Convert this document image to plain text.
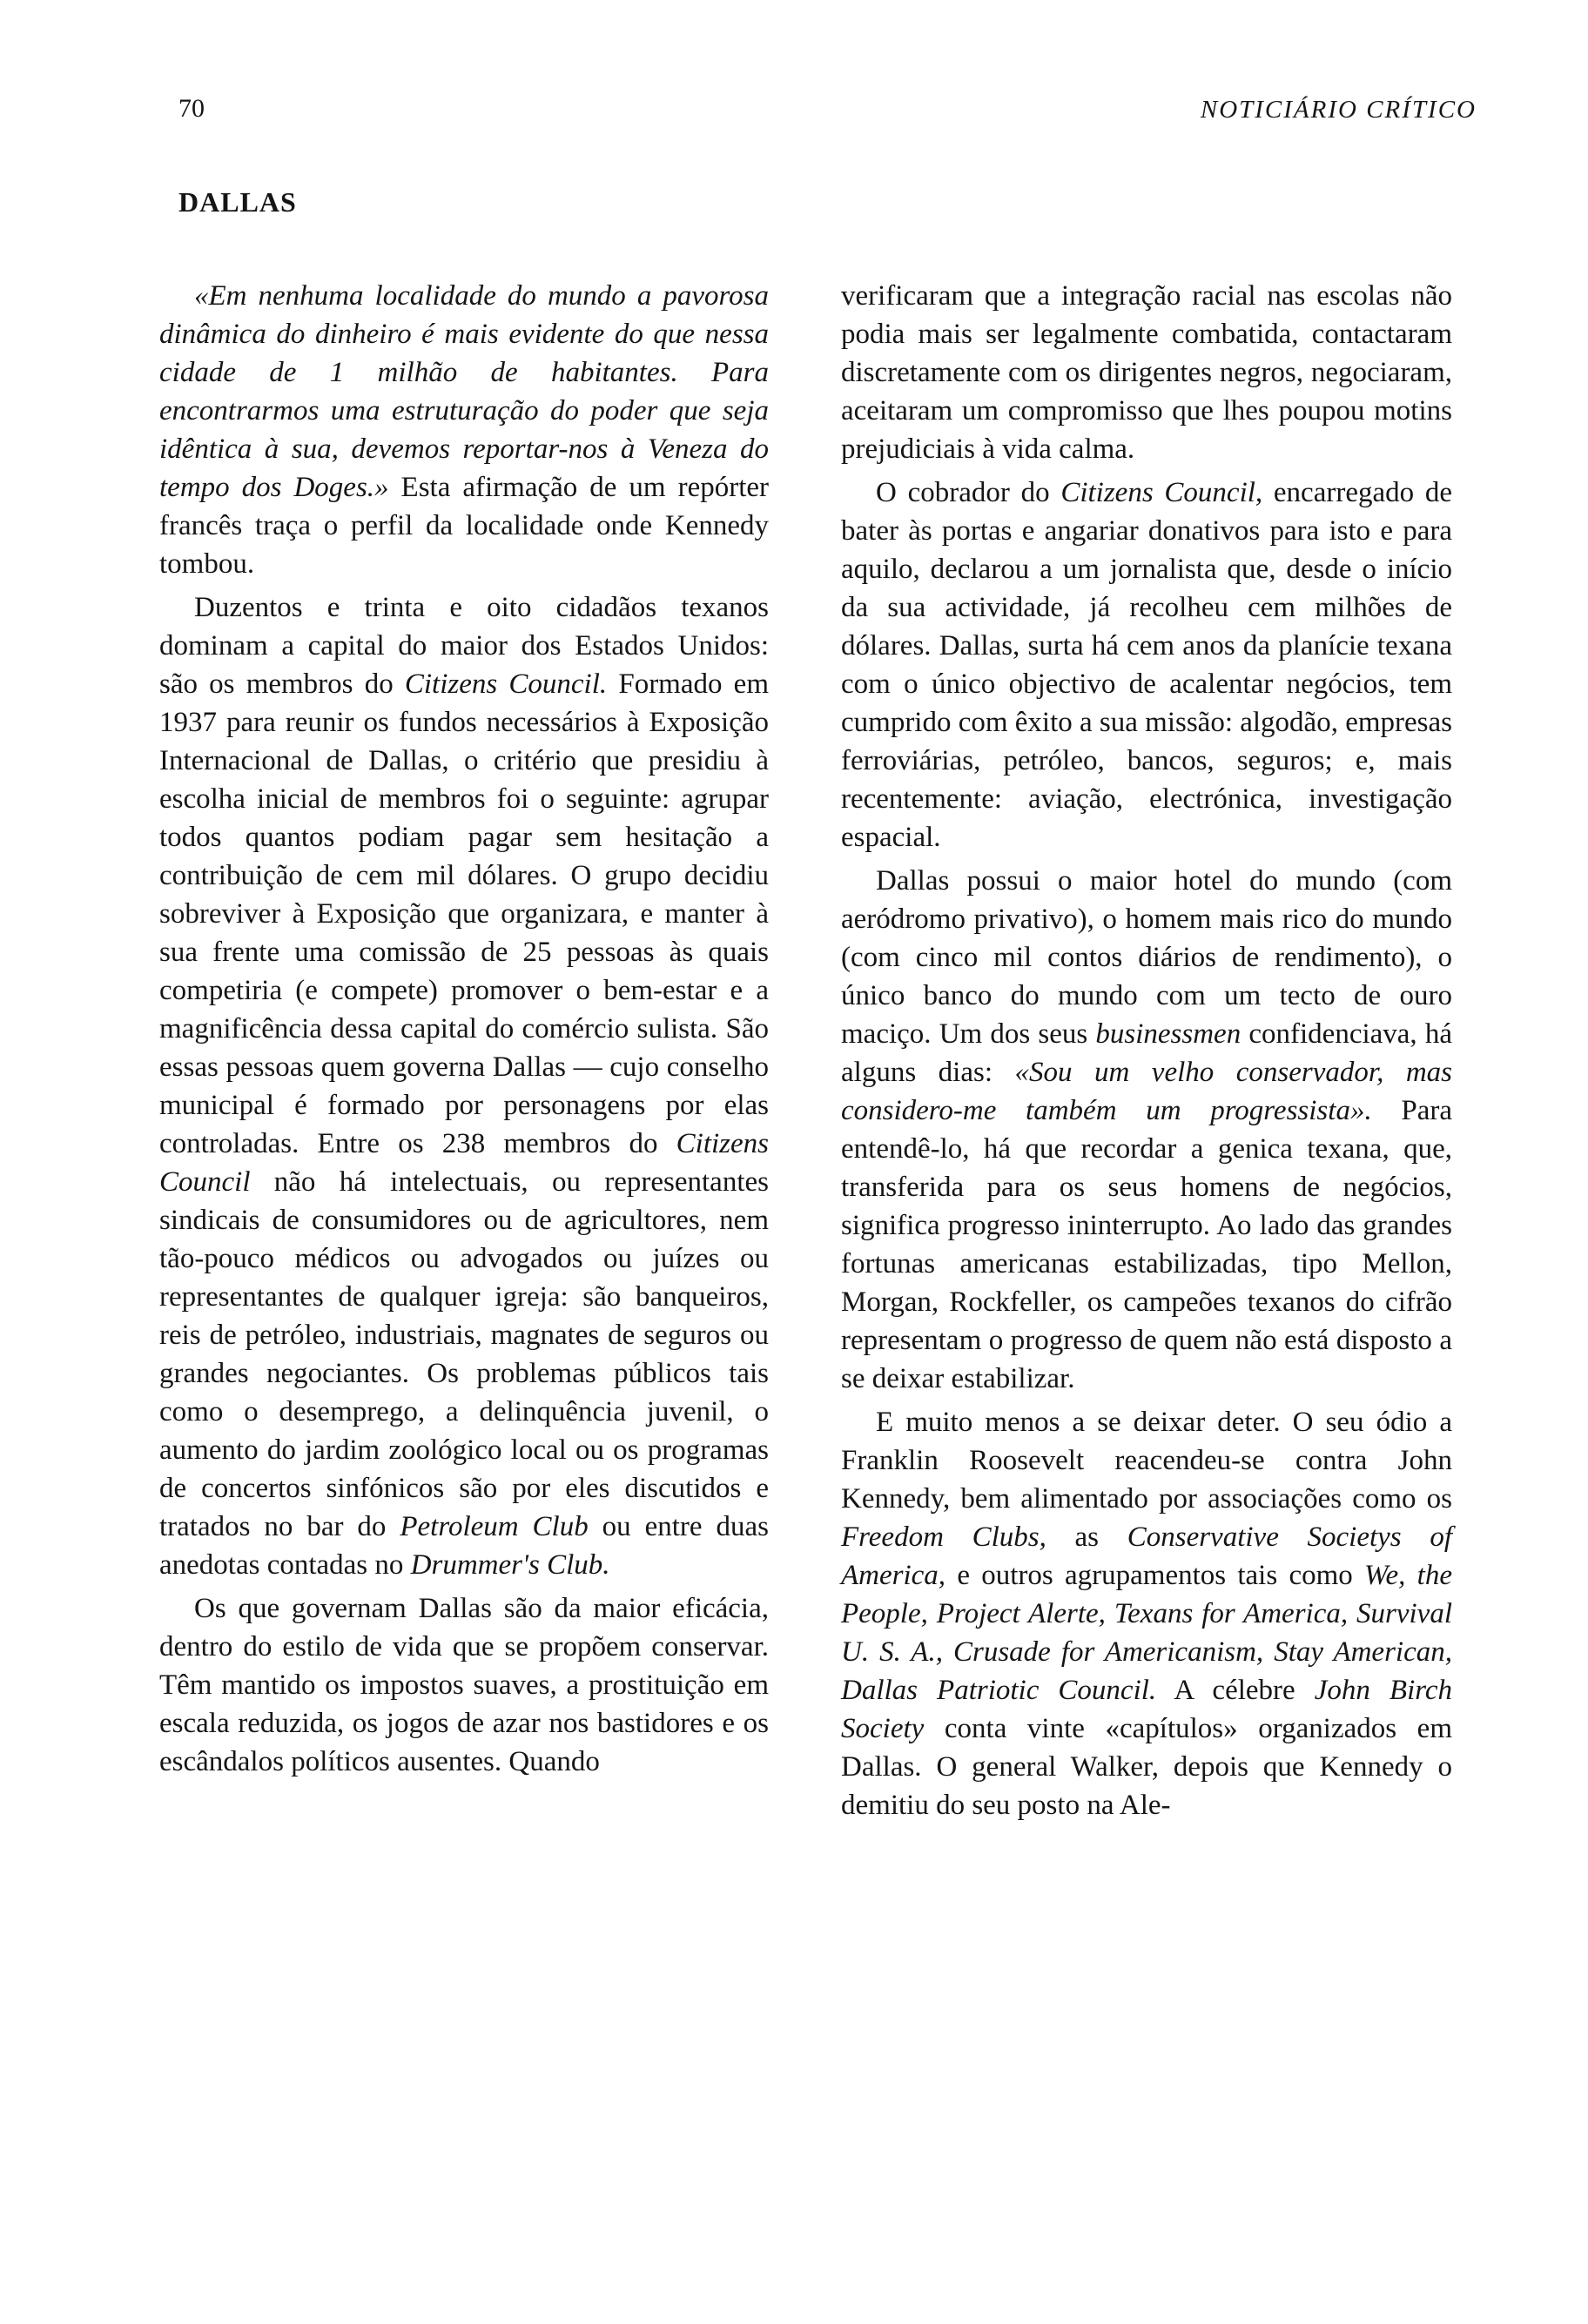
70	NOTICIÁRIO CRÍTICO
DALLAS

«Em nenhuma localidade do mundo a pavorosa dinâmica do dinheiro é mais evidente do que nessa cidade de 1 milhão de habitantes. Para encontrarmos uma estruturação do poder que seja idêntica à sua, devemos reportar-nos à Veneza do tempo dos Doges.» Esta afirmação de um repórter francês traça o perfil da localidade onde Kennedy tombou.

Duzentos e trinta e oito cidadãos texanos dominam a capital do maior dos Estados Unidos: são os membros do Citizens Council. Formado em 1937 para reunir os fundos necessários à Exposição Internacional de Dallas, o critério que presidiu à escolha inicial de membros foi o seguinte: agrupar todos quantos podiam pagar sem hesitação a contribuição de cem mil dólares. O grupo decidiu sobreviver à Exposição que organizara, e manter à sua frente uma comissão de 25 pessoas às quais competiria (e compete) promover o bem-estar e a magnificência dessa capital do comércio sulista. São essas pessoas quem governa Dallas — cujo conselho municipal é formado por personagens por elas controladas. Entre os 238 membros do Citizens Council não há intelectuais, ou representantes sindicais de consumidores ou de agricultores, nem tão-pouco médicos ou advogados ou juízes ou representantes de qualquer igreja: são banqueiros, reis de petróleo, industriais, magnates de seguros ou grandes negociantes. Os problemas públicos tais como o desemprego, a delinquência juvenil, o aumento do jardim zoológico local ou os programas de concertos sinfónicos são por eles discutidos e tratados no bar do Petroleum Club ou entre duas anedotas contadas no Drummer's Club.

Os que governam Dallas são da maior eficácia, dentro do estilo de vida que se propõem conservar. Têm mantido os impostos suaves, a prostituição em escala reduzida, os jogos de azar nos bastidores e os escândalos políticos ausentes. Quando

verificaram que a integração racial nas escolas não podia mais ser legalmente combatida, contactaram discretamente com os dirigentes negros, negociaram, aceitaram um compromisso que lhes poupou motins prejudiciais à vida calma.

O cobrador do Citizens Council, encarregado de bater às portas e angariar donativos para isto e para aquilo, declarou a um jornalista que, desde o início da sua actividade, já recolheu cem milhões de dólares. Dallas, surta há cem anos da planície texana com o único objectivo de acalentar negócios, tem cumprido com êxito a sua missão: algodão, empresas ferroviárias, petróleo, bancos, seguros; e, mais recentemente: aviação, electrónica, investigação espacial.

Dallas possui o maior hotel do mundo (com aeródromo privativo), o homem mais rico do mundo (com cinco mil contos diários de rendimento), o único banco do mundo com um tecto de ouro maciço. Um dos seus businessmen confidenciava, há alguns dias: «Sou um velho conservador, mas considero-me também um progressista». Para entendê-lo, há que recordar a genica texana, que, transferida para os seus homens de negócios, significa progresso ininterrupto. Ao lado das grandes fortunas americanas estabilizadas, tipo Mellon, Morgan, Rockfeller, os campeões texanos do cifrão representam o progresso de quem não está disposto a se deixar estabilizar.

E muito menos a se deixar deter. O seu ódio a Franklin Roosevelt reacendeu-se contra John Kennedy, bem alimentado por associações como os Freedom Clubs, as Conservative Societys of America, e outros agrupamentos tais como We, the People, Project Alerte, Texans for America, Survival U. S. A., Crusade for Americanism, Stay American, Dallas Patriotic Council. A célebre John Birch Society conta vinte «capítulos» organizados em Dallas. O general Walker, depois que Kennedy o demitiu do seu posto na Ale-
